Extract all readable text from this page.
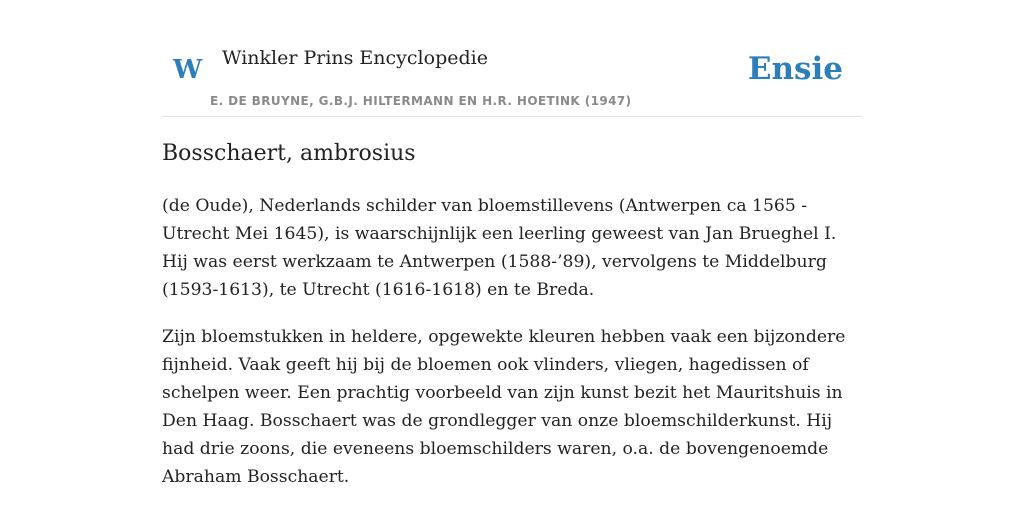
W Winkler Prins Encyclopedie	Ensie
E. DE BRUYNE, G.B.J. HILTERMANN EN H.R. HOETINK (1947)
Bosschaert, ambrosius

(de Oude), Nederlands schilder van bloemstillevens (Antwerpen ca 1565 - Utrecht Mei 1645), is waarschijnlijk een leerling geweest van Jan Brueghel I. Hij was eerst werkzaam te Antwerpen (1588-’89), vervolgens te Middelburg (1593-1613), te Utrecht (1616-1618) en te Breda.

Zijn bloemstukken in heldere, opgewekte kleuren hebben vaak een bijzondere fijnheid. Vaak geeft hij bij de bloemen ook vlinders, vliegen, hagedissen of schelpen weer. Een prachtig voorbeeld van zijn kunst bezit het Mauritshuis in Den Haag. Bosschaert was de grondlegger van onze bloemschilderkunst. Hij had drie zoons, die eveneens bloemschilders waren, o.a. de bovengenoemde Abraham Bosschaert.
